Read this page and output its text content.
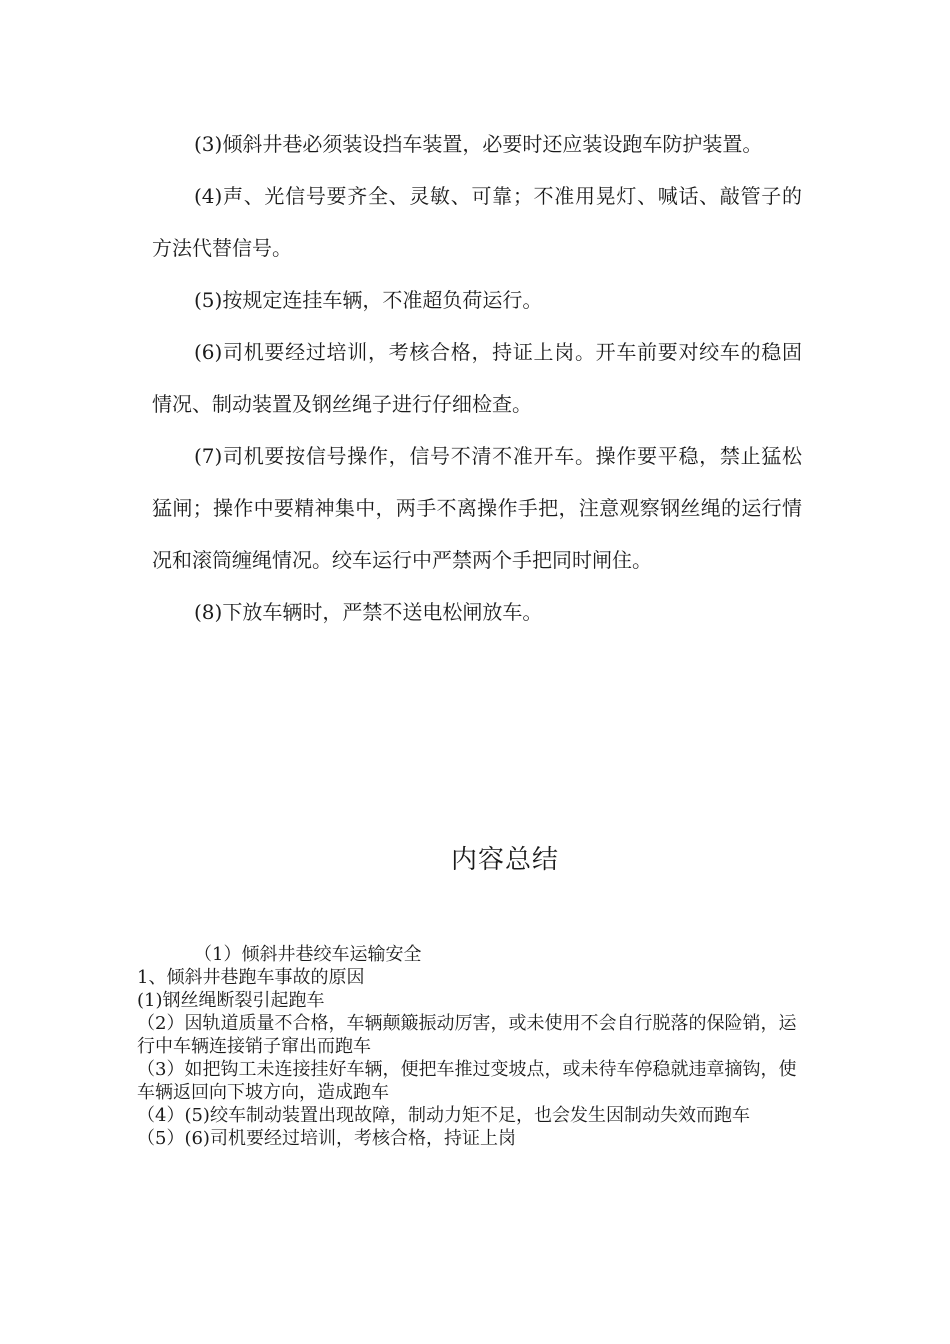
(3)倾斜井巷必须装设挡车装置，必要时还应装设跑车防护装置。

(4)声、光信号要齐全、灵敏、可靠；不准用晃灯、喊话、敲管子的方法代替信号。

(5)按规定连挂车辆，不准超负荷运行。

(6)司机要经过培训，考核合格，持证上岗。开车前要对绞车的稳固情况、制动装置及钢丝绳子进行仔细检查。

(7)司机要按信号操作，信号不清不准开车。操作要平稳，禁止猛松猛闸；操作中要精神集中，两手不离操作手把，注意观察钢丝绳的运行情况和滚筒缠绳情况。绞车运行中严禁两个手把同时闸住。

(8)下放车辆时，严禁不送电松闸放车。

内容总结
（1）倾斜井巷绞车运输安全
1、倾斜井巷跑车事故的原因
(1)钢丝绳断裂引起跑车
（2）因轨道质量不合格，车辆颠簸振动厉害，或未使用不会自行脱落的保险销，运行中车辆连接销子窜出而跑车
（3）如把钩工未连接挂好车辆，便把车推过变坡点，或未待车停稳就违章摘钩，使车辆返回向下坡方向，造成跑车
（4）(5)绞车制动装置出现故障，制动力矩不足，也会发生因制动失效而跑车
（5）(6)司机要经过培训，考核合格，持证上岗
